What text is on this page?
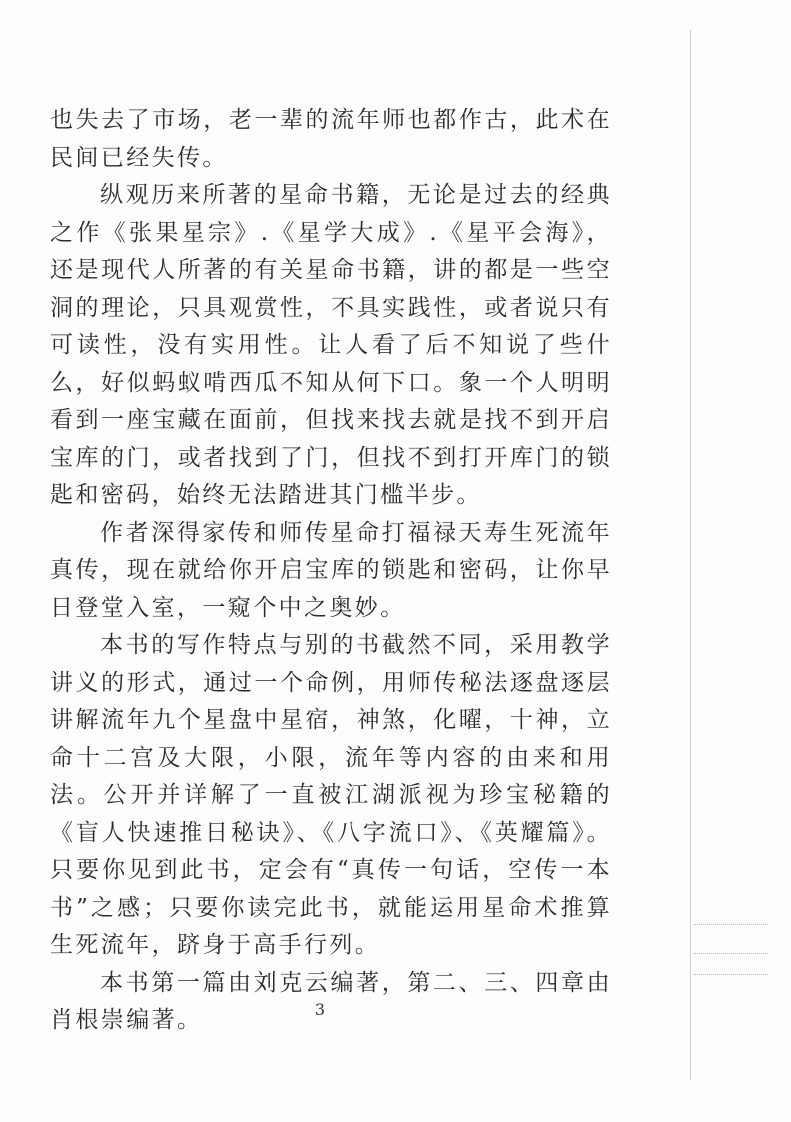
也失去了市场，老一辈的流年师也都作古，此术在民间已经失传。

纵观历来所著的星命书籍，无论是过去的经典之作《张果星宗》.《星学大成》.《星平会海》，还是现代人所著的有关星命书籍，讲的都是一些空洞的理论，只具观赏性，不具实践性，或者说只有可读性，没有实用性。让人看了后不知说了些什么，好似蚂蚁啃西瓜不知从何下口。象一个人明明看到一座宝藏在面前，但找来找去就是找不到开启宝库的门，或者找到了门，但找不到打开库门的锁匙和密码，始终无法踏进其门槛半步。

作者深得家传和师传星命打福禄天寿生死流年真传，现在就给你开启宝库的锁匙和密码，让你早日登堂入室，一窥个中之奥妙。

本书的写作特点与别的书截然不同，采用教学讲义的形式，通过一个命例，用师传秘法逐盘逐层讲解流年九个星盘中星宿，神煞，化曜，十神，立命十二宫及大限，小限，流年等内容的由来和用法。公开并详解了一直被江湖派视为珍宝秘籍的《盲人快速推日秘诀》、《八字流口》、《英耀篇》。只要你见到此书，定会有“真传一句话，空传一本书”之感；只要你读完此书，就能运用星命术推算生死流年，跻身于高手行列。

本书第一篇由刘克云编著，第二、三、四章由肖根崇编著。	3
